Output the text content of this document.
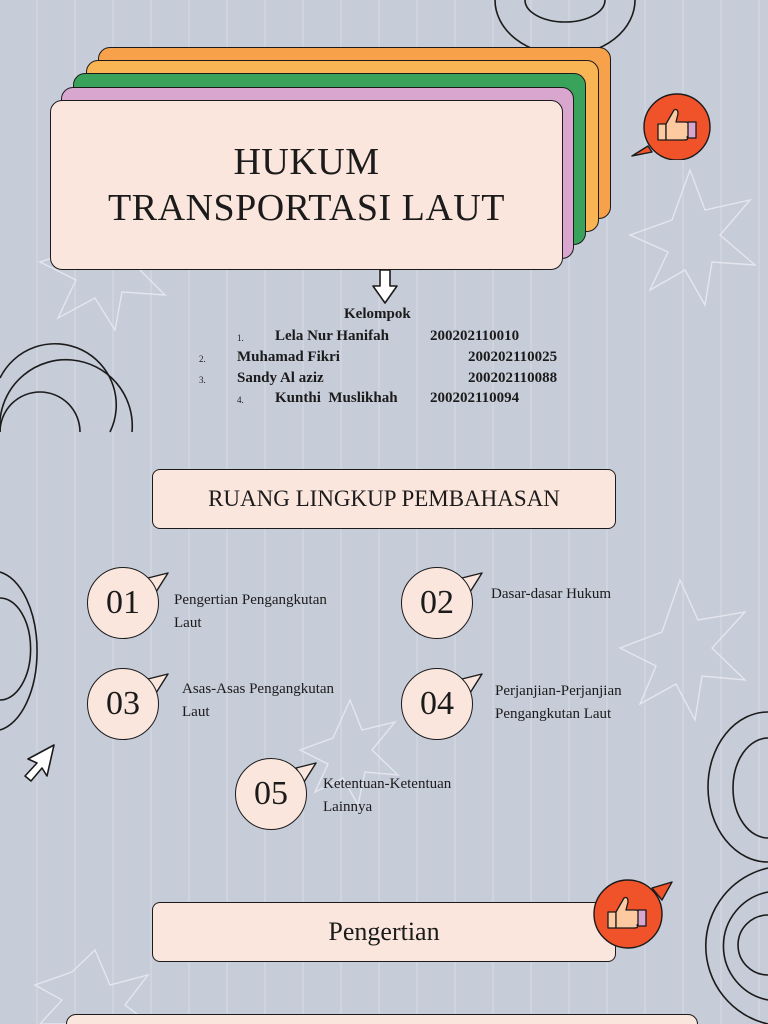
HUKUM
TRANSPORTASI LAUT
Kelompok
1. Lela Nur Hanifah	200202110010
2. Muhamad Fikri	200202110025
3. Sandy Al aziz	200202110088
4. Kunthi  Muslikhah 200202110094
RUANG LINGKUP PEMBAHASAN
01 Pengertian Pengangkutan
Laut
02 Dasar-dasar Hukum
03	Asas-Asas Pengangkutan
Laut	04	Perjanjian-Perjanjian
Pengangkutan Laut
05 Ketentuan-Ketentuan
Lainnya
Pengertian
